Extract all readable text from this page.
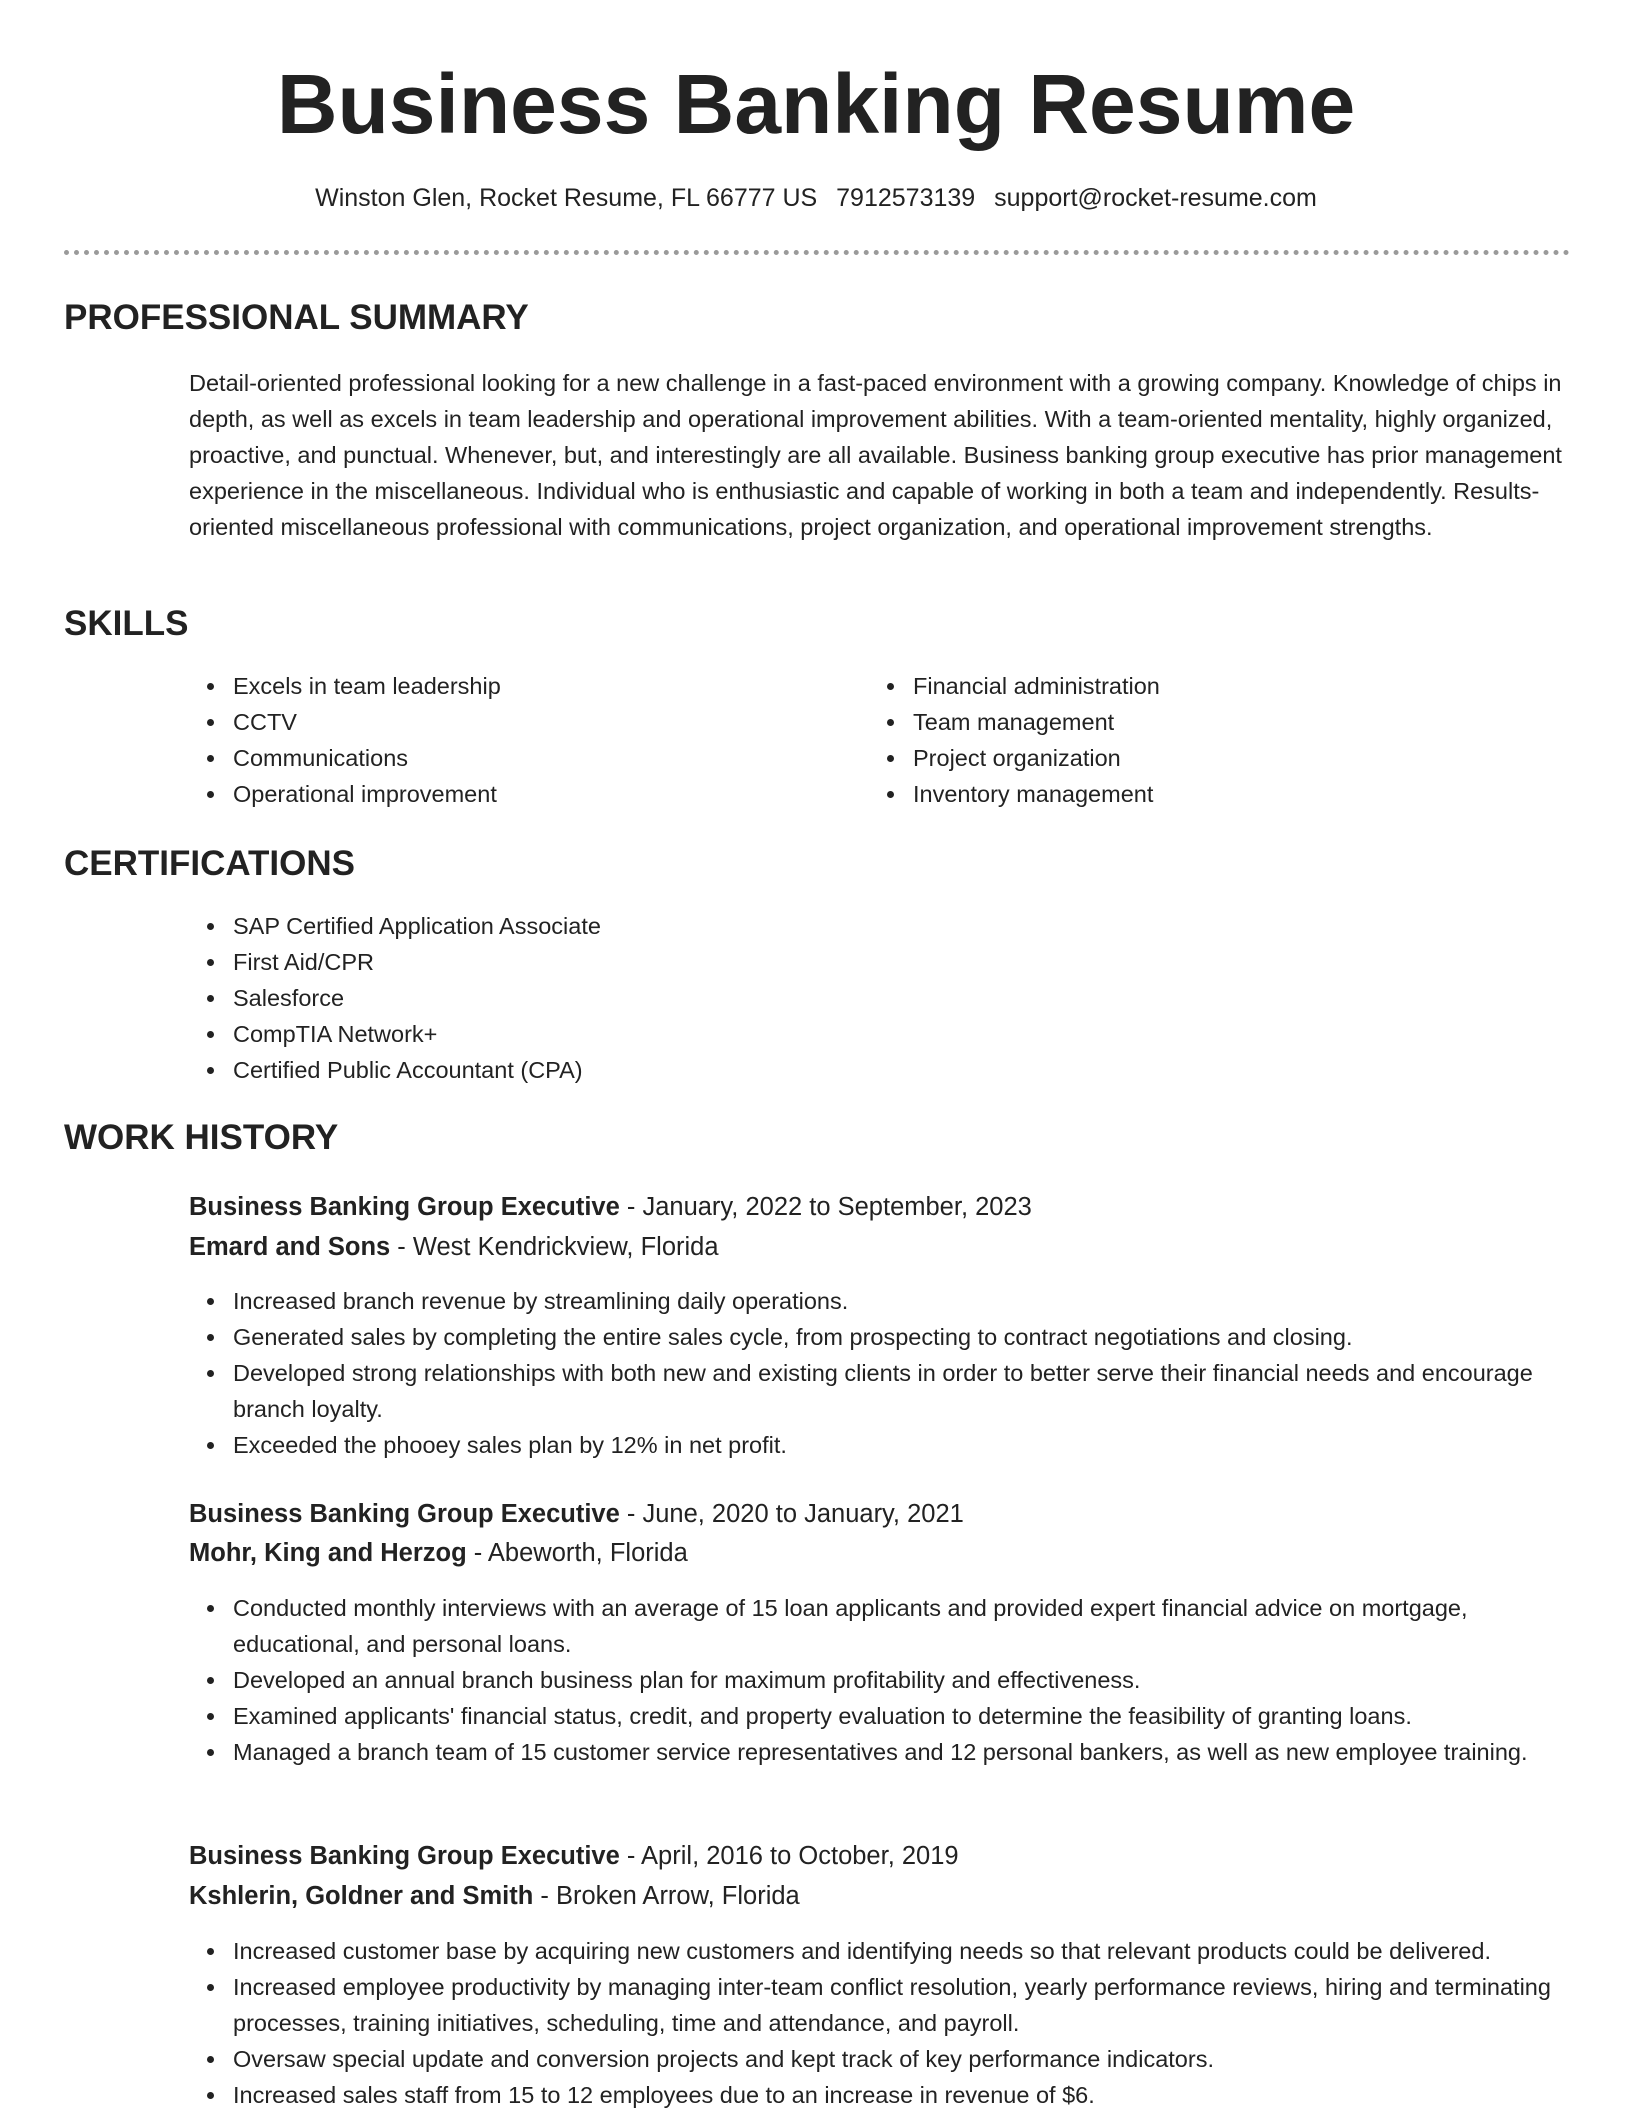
Business Banking Resume
Winston Glen, Rocket Resume, FL 66777 US 7912573139 support@rocket-resume.com
PROFESSIONAL SUMMARY
Detail-oriented professional looking for a new challenge in a fast-paced environment with a growing company. Knowledge of chips in depth, as well as excels in team leadership and operational improvement abilities. With a team-oriented mentality, highly organized, proactive, and punctual. Whenever, but, and interestingly are all available. Business banking group executive has prior management experience in the miscellaneous. Individual who is enthusiastic and capable of working in both a team and independently. Results-oriented miscellaneous professional with communications, project organization, and operational improvement strengths.
SKILLS
Excels in team leadership
CCTV
Communications
Operational improvement
Financial administration
Team management
Project organization
Inventory management
CERTIFICATIONS
SAP Certified Application Associate
First Aid/CPR
Salesforce
CompTIA Network+
Certified Public Accountant (CPA)
WORK HISTORY
Business Banking Group Executive - January, 2022 to September, 2023
Emard and Sons - West Kendrickview, Florida
Increased branch revenue by streamlining daily operations.
Generated sales by completing the entire sales cycle, from prospecting to contract negotiations and closing.
Developed strong relationships with both new and existing clients in order to better serve their financial needs and encourage branch loyalty.
Exceeded the phooey sales plan by 12% in net profit.
Business Banking Group Executive - June, 2020 to January, 2021
Mohr, King and Herzog - Abeworth, Florida
Conducted monthly interviews with an average of 15 loan applicants and provided expert financial advice on mortgage, educational, and personal loans.
Developed an annual branch business plan for maximum profitability and effectiveness.
Examined applicants' financial status, credit, and property evaluation to determine the feasibility of granting loans.
Managed a branch team of 15 customer service representatives and 12 personal bankers, as well as new employee training.
Business Banking Group Executive - April, 2016 to October, 2019
Kshlerin, Goldner and Smith - Broken Arrow, Florida
Increased customer base by acquiring new customers and identifying needs so that relevant products could be delivered.
Increased employee productivity by managing inter-team conflict resolution, yearly performance reviews, hiring and terminating processes, training initiatives, scheduling, time and attendance, and payroll.
Oversaw special update and conversion projects and kept track of key performance indicators.
Increased sales staff from 15 to 12 employees due to an increase in revenue of $6.
